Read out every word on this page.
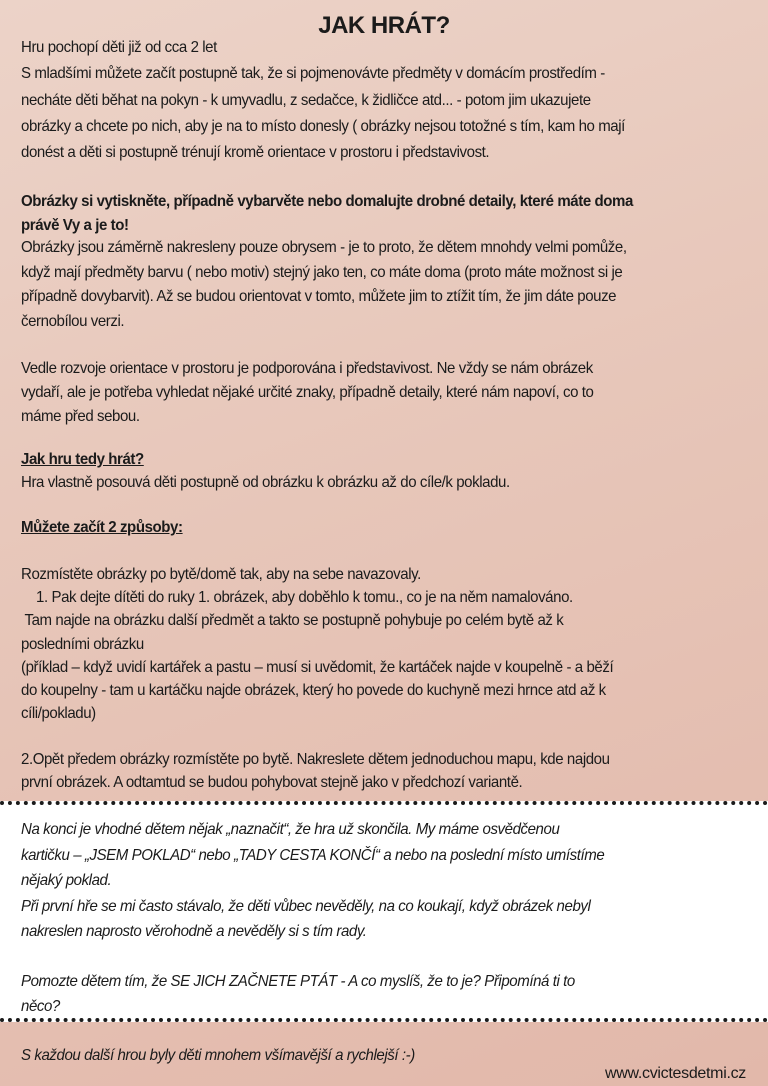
JAK HRÁT?
Hru pochopí děti již od cca 2 let
S mladšími můžete začít postupně tak, že si pojmenovávte předměty v domácím prostředím -
necháte děti běhat na pokyn - k umyvadlu, z sedačce, k židličce atd... - potom jim ukazujete
obrázky a chcete po nich, aby je na to místo donesly ( obrázky nejsou totožné s tím, kam ho mají
donést a děti si postupně trénují kromě orientace v prostoru i představivost.
Obrázky si vytiskněte, případně vybarvěte nebo domalujte drobné detaily, které máte doma
právě Vy a je to!
Obrázky jsou záměrně nakresleny pouze obrysem - je to proto, že dětem mnohdy velmi pomůže,
když mají předměty barvu ( nebo motiv) stejný jako ten, co máte doma (proto máte možnost si je
případně dovybarvit). Až se budou orientovat v tomto, můžete jim to ztížit tím, že jim dáte pouze
černobílou verzi.
Vedle rozvoje orientace v prostoru je podporována i představivost. Ne vždy se nám obrázek
vydaří, ale je potřeba vyhledat nějaké určité znaky, případně detaily, které nám napoví, co to
máme před sebou.
Jak hru tedy hrát?
Hra vlastně posouvá děti postupně od obrázku k obrázku až do cíle/k pokladu.
Můžete začít 2 způsoby:
Rozmístěte obrázky po bytě/domě tak, aby na sebe navazovaly.
1. Pak dejte dítěti do ruky 1. obrázek, aby doběhlo k tomu., co je na něm namalováno.
Tam najde na obrázku další předmět a takto se postupně pohybuje po celém bytě až k
posledními obrázku
(příklad – když uvidí kartářek a pastu – musí si uvědomit, že kartáček najde v koupelně - a běží
do koupelny - tam u kartáčku najde obrázek, který ho povede do kuchyně mezi hrnce atd až k
cíli/pokladu)
2.Opět předem obrázky rozmístěte po bytě. Nakreslete dětem jednoduchou mapu, kde najdou
první obrázek. A odtamtud se budou pohybovat stejně jako v předchozí variantě.
Na konci je vhodné dětem nějak „naznačit“, že hra už skončila. My máme osvědčenou
kartičku – „JSEM POKLAD“ nebo „TADY CESTA KONČÍ“ a nebo na poslední místo umístíme
nějaký poklad.
Při první hře se mi často stávalo, že děti vůbec nevěděly, na co koukají, když obrázek nebyl
nakreslen naprosto věrohodně a nevěděly si s tím rady.
Pomozte dětem tím, že SE JICH ZAČNETE PTÁT - A co myslíš, že to je? Připomíná ti to
něco?
S každou další hrou byly děti mnohem všímavější a rychlejší :-)
www.cvictesdetmi.cz
